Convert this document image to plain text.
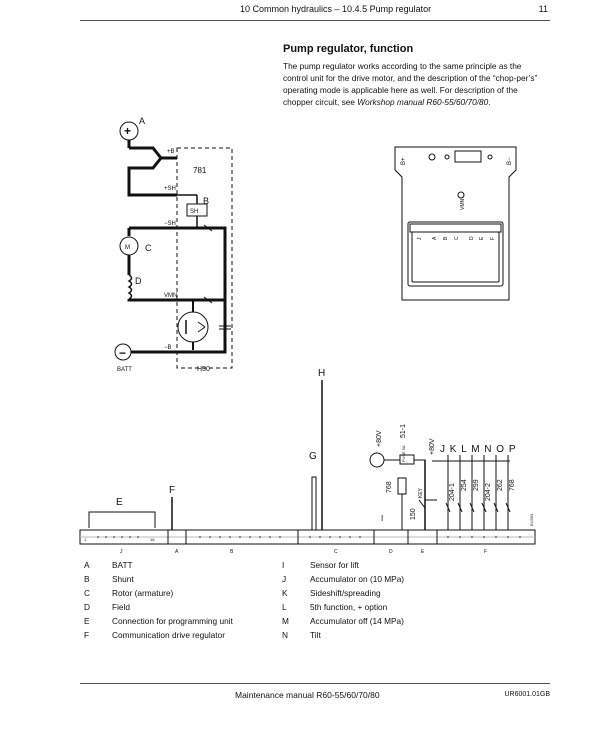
10 Common hydraulics – 10.4.5 Pump regulator	11
Pump regulator, function

The pump regulator works according to the same principle as the control unit for the drive motor, and the description of the “chop-per’s” operating mode is applicable here as well. For description of the chopper circuit, see Workshop manual R60-55/60/70/80.

A
+
−
+B
781
+SH
B
SH
−SH
M C
D
VMN
−B
BATT	H30
B+	B−
VMN
J A B C D E F
E
F
G
H
I
J K L M N O P
+80V	+80V
51-1
FUSE 5A
768
150
KEY	204-1 254 299 204-2 262 768
EU393
J	A	B	C	D	E	F
1	16
A	BATT
B	Shunt
C	Rotor (armature)
D	Field
E	Connection for programming unit
F	Communication drive regulator
I	Sensor for lift
J	Accumulator on (10 MPa)
K	Sideshift/spreading
L	5th function, + option
M	Accumulator off (14 MPa)
N	Tilt
Maintenance manual R60-55/60/70/80	UR6001.01GB
